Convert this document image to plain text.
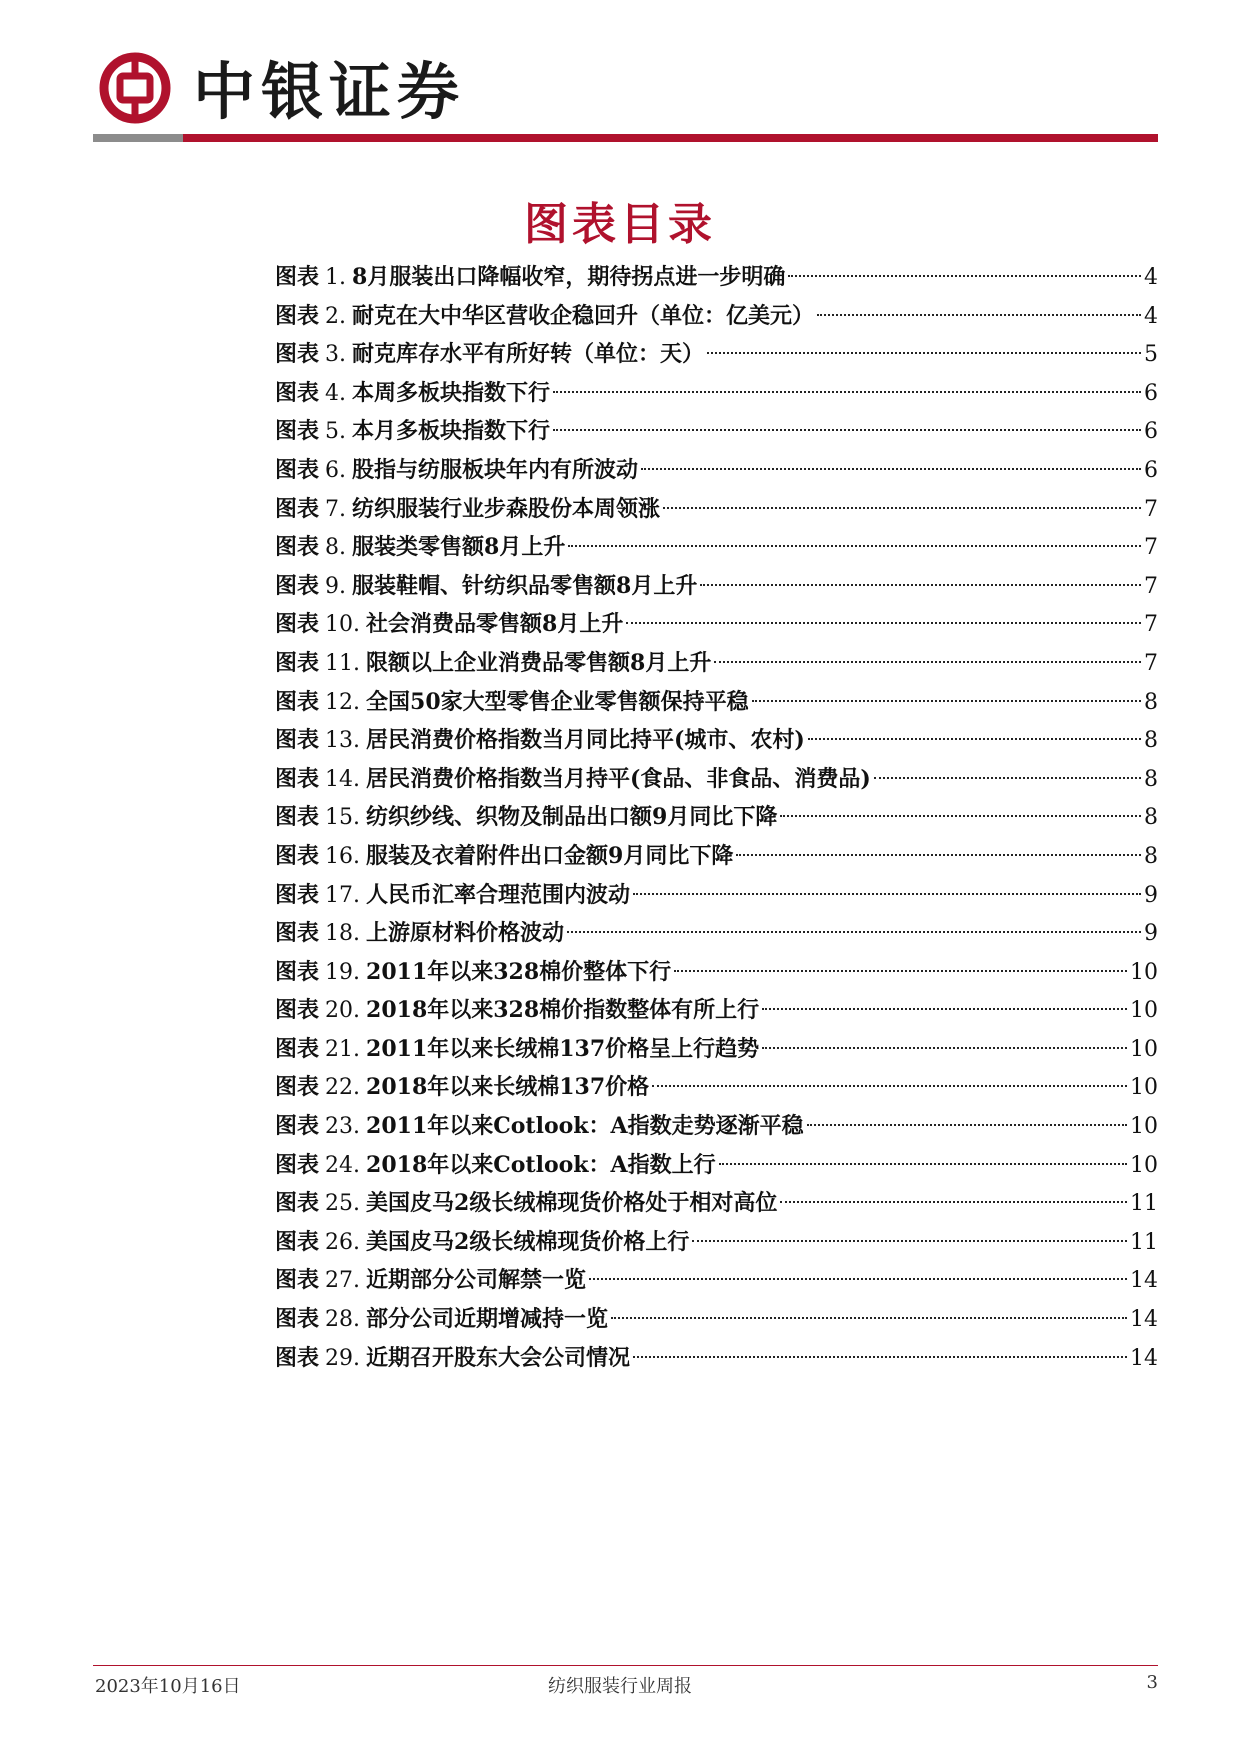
中银证券
图表目录
图表 1. 8月服装出口降幅收窄，期待拐点进一步明确	4
图表 2. 耐克在大中华区营收企稳回升（单位：亿美元）	4
图表 3. 耐克库存水平有所好转（单位：天）	5
图表 4. 本周多板块指数下行	6
图表 5. 本月多板块指数下行	6
图表 6. 股指与纺服板块年内有所波动	6
图表 7. 纺织服装行业步森股份本周领涨	7
图表 8. 服装类零售额8月上升	7
图表 9. 服装鞋帽、针纺织品零售额8月上升	7
图表 10. 社会消费品零售额8月上升	7
图表 11. 限额以上企业消费品零售额8月上升	7
图表 12. 全国50家大型零售企业零售额保持平稳	8
图表 13. 居民消费价格指数当月同比持平(城市、农村)	8
图表 14. 居民消费价格指数当月持平(食品、非食品、消费品)	8
图表 15. 纺织纱线、织物及制品出口额9月同比下降	8
图表 16. 服装及衣着附件出口金额9月同比下降	8
图表 17. 人民币汇率合理范围内波动	9
图表 18. 上游原材料价格波动	9
图表 19. 2011年以来328棉价整体下行	10
图表 20. 2018年以来328棉价指数整体有所上行	10
图表 21. 2011年以来长绒棉137价格呈上行趋势	10
图表 22. 2018年以来长绒棉137价格	10
图表 23. 2011年以来Cotlook：A指数走势逐渐平稳	10
图表 24. 2018年以来Cotlook：A指数上行	10
图表 25. 美国皮马2级长绒棉现货价格处于相对高位	11
图表 26. 美国皮马2级长绒棉现货价格上行	11
图表 27. 近期部分公司解禁一览	14
图表 28. 部分公司近期增减持一览	14
图表 29. 近期召开股东大会公司情况	14
2023年10月16日	纺织服装行业周报	3
